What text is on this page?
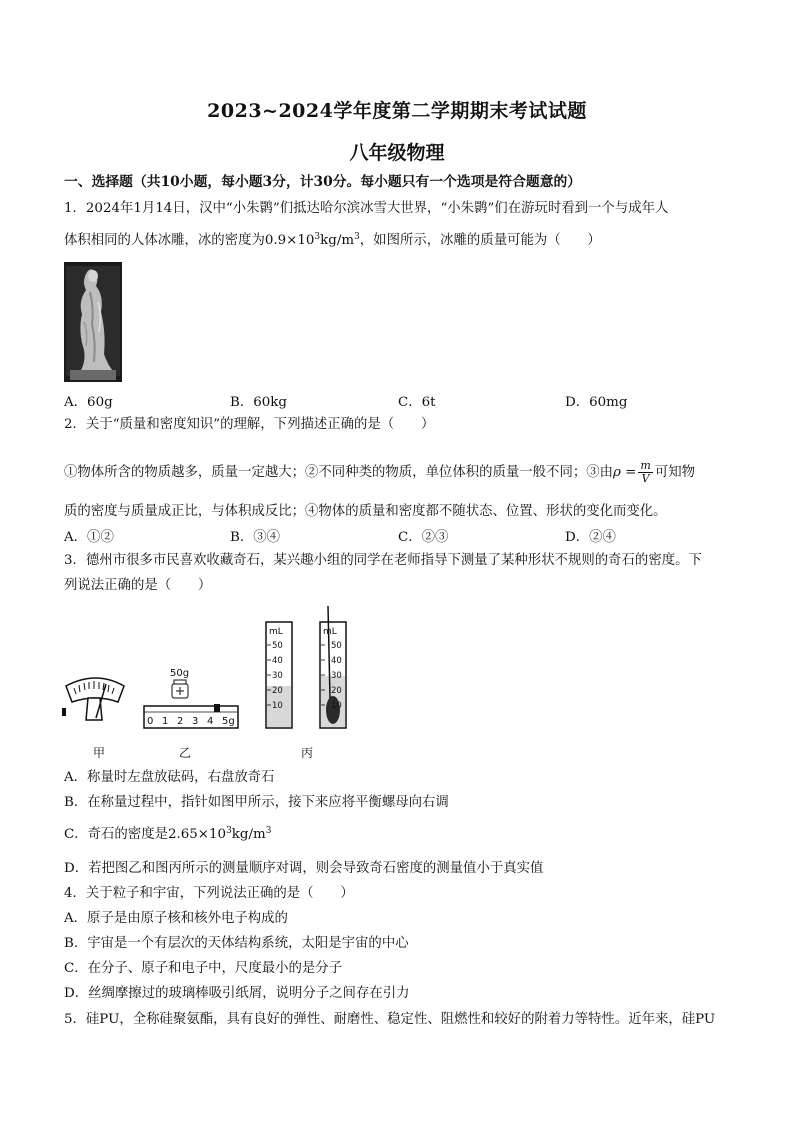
2023~2024学年度第二学期期末考试试题
八年级物理
一、选择题（共10小题，每小题3分，计30分。每小题只有一个选项是符合题意的）
1．2024年1月14日，汉中“小朱鹮”们抵达哈尔滨冰雪大世界，“小朱鹮”们在游玩时看到一个与成年人
体积相同的人体冰雕，冰的密度为$0.9\times 10^3kg/m^3$，如图所示，冰雕的质量可能为（　　）
A．60g	B．60kg	C．6t	D．60mg
2．关于“质量和密度知识”的理解，下列描述正确的是（　　）
①物体所含的物质越多，质量一定越大；②不同种类的物质，单位体积的质量一般不同；③由$\rho = \frac{m}{V}$ 可知物
质的密度与质量成正比，与体积成反比；④物体的质量和密度都不随状态、位置、形状的变化而变化。
A．①②	B．③④	C．②③	D．②④
3．德州市很多市民喜欢收藏奇石，某兴趣小组的同学在老师指导下测量了某种形状不规则的奇石的密度。下
列说法正确的是（　　）
甲
50g
0 1 2 3 4 5g
乙
mL
50
40
30
20
10
mL
50
40
30
20
10
丙
A．称量时左盘放砝码，右盘放奇石
B．在称量过程中，指针如图甲所示，接下来应将平衡螺母向右调
C．奇石的密度是$2.65\times 10^3kg/m^3$
D．若把图乙和图丙所示的测量顺序对调，则会导致奇石密度的测量值小于真实值
4．关于粒子和宇宙，下列说法正确的是（　　）
A．原子是由原子核和核外电子构成的
B．宇宙是一个有层次的天体结构系统，太阳是宇宙的中心
C．在分子、原子和电子中，尺度最小的是分子
D．丝绸摩擦过的玻璃棒吸引纸屑，说明分子之间存在引力
5．硅PU，全称硅聚氨酯，具有良好的弹性、耐磨性、稳定性、阻燃性和较好的附着力等特性。近年来，硅PU
